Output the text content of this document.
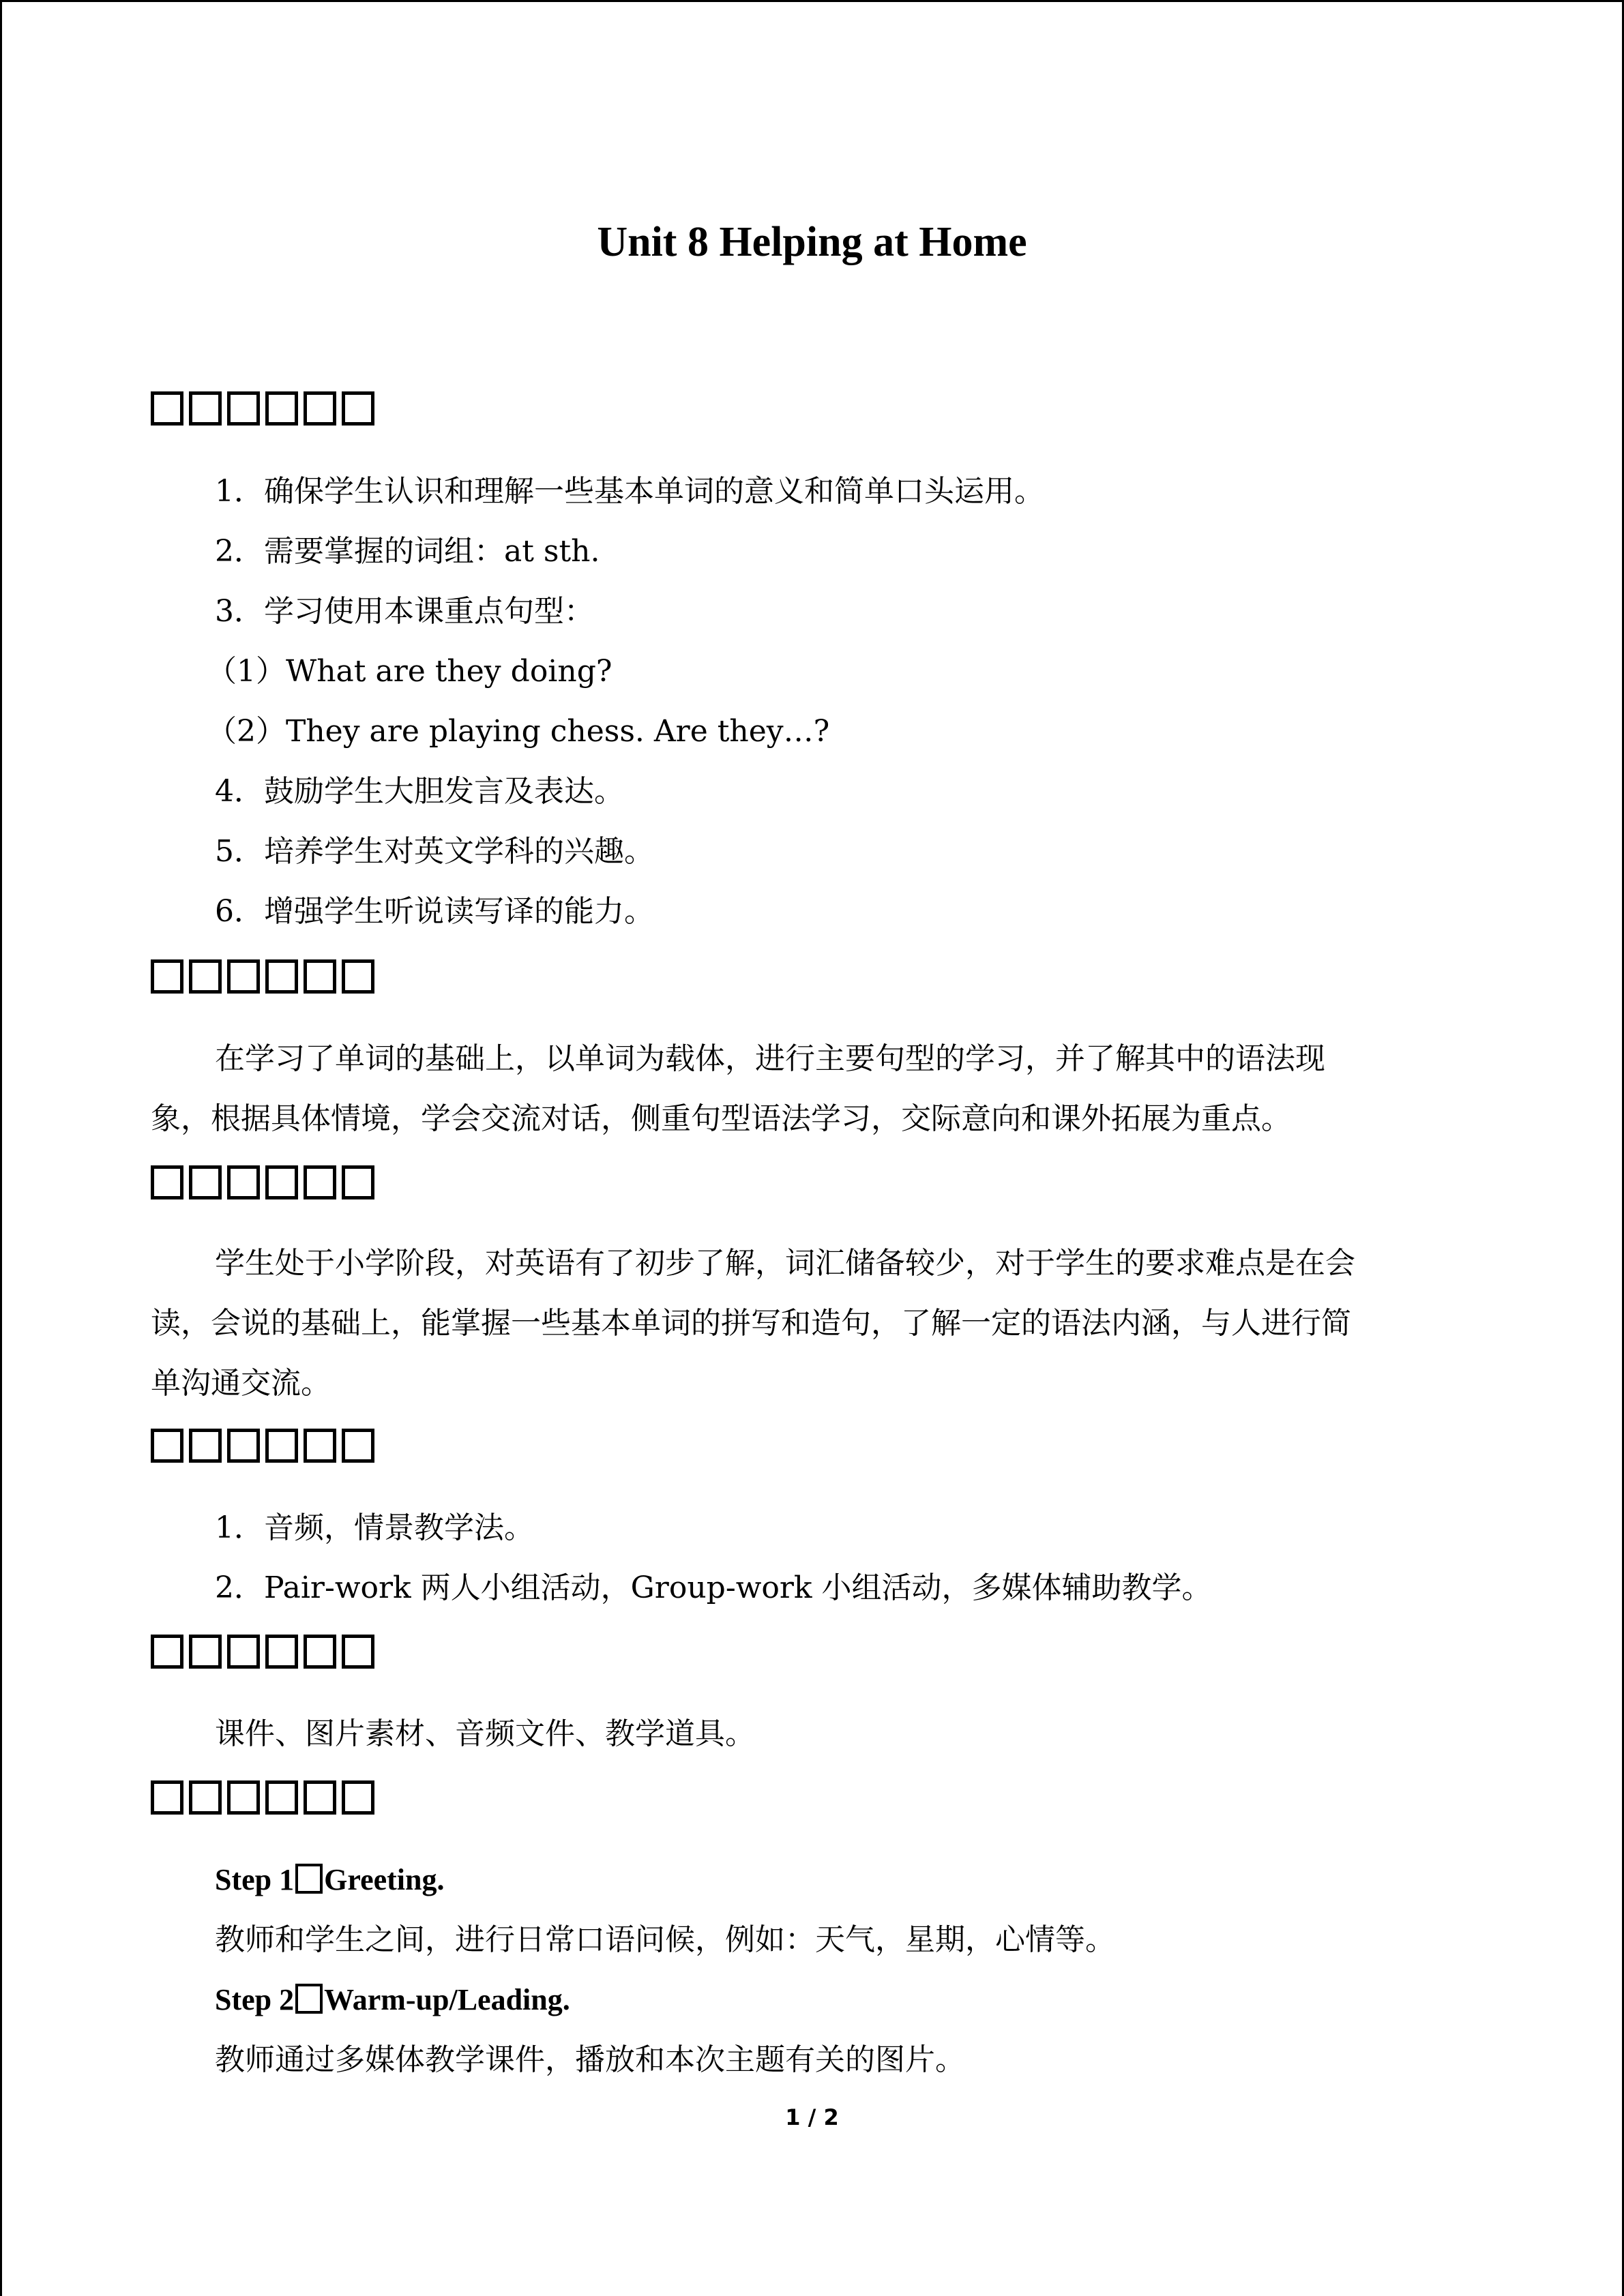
Unit 8 Helping at Home
1．确保学生认识和理解一些基本单词的意义和简单口头运用。
2．需要掌握的词组：at sth.
3．学习使用本课重点句型：
（1）What are they doing?
（2）They are playing chess. Are they…?
4．鼓励学生大胆发言及表达。
5．培养学生对英文学科的兴趣。
6．增强学生听说读写译的能力。
在学习了单词的基础上，以单词为载体，进行主要句型的学习，并了解其中的语法现
象，根据具体情境，学会交流对话，侧重句型语法学习，交际意向和课外拓展为重点。
学生处于小学阶段，对英语有了初步了解，词汇储备较少，对于学生的要求难点是在会
读，会说的基础上，能掌握一些基本单词的拼写和造句，了解一定的语法内涵，与人进行简
单沟通交流。
1．音频，情景教学法。
2．Pair-work 两人小组活动，Group-work 小组活动，多媒体辅助教学。
课件、图片素材、音频文件、教学道具。
Step 1 Greeting.
教师和学生之间，进行日常口语问候，例如：天气，星期，心情等。
Step 2 Warm-up/Leading.
教师通过多媒体教学课件，播放和本次主题有关的图片。
1 / 2
